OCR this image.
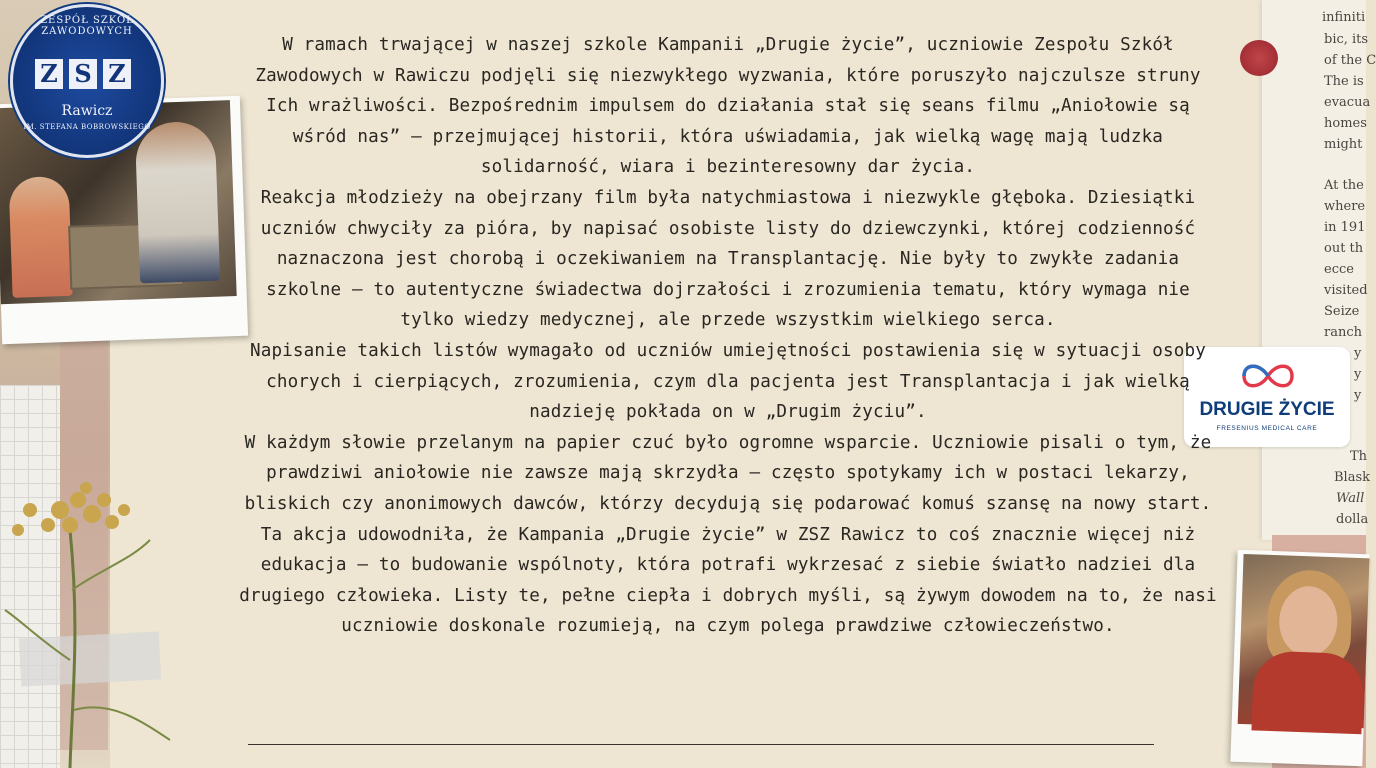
ZESPÓŁ SZKÓŁ ZAWODOWYCH
Z S Z
Rawicz
IM. STEFANA BOBROWSKIEGO
infiniti
bic, its
of the C
The is
evacua
homes
might
At the
where
in 191
out th
ecce
visited
Seize
ranch
y
y
y
Th
Blask
Wall
dolla
DRUGIE ŻYCIE
FRESENIUS MEDICAL CARE

W ramach trwającej w naszej szkole Kampanii „Drugie życie”, uczniowie Zespołu Szkół Zawodowych w Rawiczu podjęli się niezwykłego wyzwania, które poruszyło najczulsze struny Ich wrażliwości. Bezpośrednim impulsem do działania stał się seans filmu „Aniołowie są wśród nas” – przejmującej historii, która uświadamia, jak wielką wagę mają ludzka solidarność, wiara i bezinteresowny dar życia.

Reakcja młodzieży na obejrzany film była natychmiastowa i niezwykle głęboka. Dziesiątki uczniów chwyciły za pióra, by napisać osobiste listy do dziewczynki, której codzienność naznaczona jest chorobą i oczekiwaniem na Transplantację. Nie były to zwykłe zadania szkolne – to autentyczne świadectwa dojrzałości i zrozumienia tematu, który wymaga nie tylko wiedzy medycznej, ale przede wszystkim wielkiego serca.

Napisanie takich listów wymagało od uczniów umiejętności postawienia się w sytuacji osoby chorych i cierpiących, zrozumienia, czym dla pacjenta jest Transplantacja i jak wielką nadzieję pokłada on w „Drugim życiu”.

W każdym słowie przelanym na papier czuć było ogromne wsparcie. Uczniowie pisali o tym, że prawdziwi aniołowie nie zawsze mają skrzydła – często spotykamy ich w postaci lekarzy, bliskich czy anonimowych dawców, którzy decydują się podarować komuś szansę na nowy start.

Ta akcja udowodniła, że Kampania „Drugie życie” w ZSZ Rawicz to coś znacznie więcej niż edukacja – to budowanie wspólnoty, która potrafi wykrzesać z siebie światło nadziei dla drugiego człowieka. Listy te, pełne ciepła i dobrych myśli, są żywym dowodem na to, że nasi uczniowie doskonale rozumieją, na czym polega prawdziwe człowieczeństwo.
